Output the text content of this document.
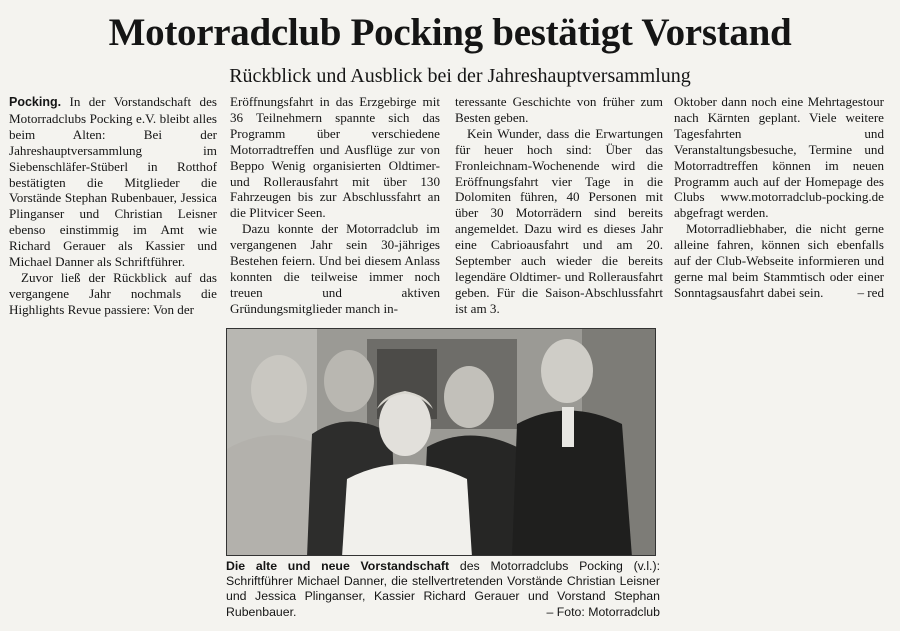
Motorradclub Pocking bestätigt Vorstand
Rückblick und Ausblick bei der Jahreshauptversammlung

Pocking. In der Vorstandschaft des Motorradclubs Pocking e.V. bleibt alles beim Alten: Bei der Jahreshauptversammlung im Siebenschläfer-Stüberl in Rotthof bestätigten die Mitglieder die Vorstände Stephan Rubenbauer, Jessica Plinganser und Christian Leisner ebenso einstimmig im Amt wie Richard Gerauer als Kassier und Michael Danner als Schriftführer.

Zuvor ließ der Rückblick auf das vergangene Jahr nochmals die Highlights Revue passiere: Von der

Eröffnungsfahrt in das Erzgebirge mit 36 Teilnehmern spannte sich das Programm über verschiedene Motorradtreffen und Ausflüge zur von Beppo Wenig organisierten Oldtimer- und Rollerausfahrt mit über 130 Fahrzeugen bis zur Abschlussfahrt an die Plitvicer Seen.

Dazu konnte der Motorradclub im vergangenen Jahr sein 30-jähriges Bestehen feiern. Und bei diesem Anlass konnten die teilweise immer noch treuen und aktiven Gründungsmitglieder manch in-

teressante Geschichte von früher zum Besten geben.

Kein Wunder, dass die Erwartungen für heuer hoch sind: Über das Fronleichnam-Wochenende wird die Eröffnungsfahrt vier Tage in die Dolomiten führen, 40 Personen mit über 30 Motorrädern sind bereits angemeldet. Dazu wird es dieses Jahr eine Cabrioausfahrt und am 20. September auch wieder die bereits legendäre Oldtimer- und Rollerausfahrt geben. Für die Saison-Abschlussfahrt ist am 3.

Oktober dann noch eine Mehrtagestour nach Kärnten geplant. Viele weitere Tagesfahrten und Veranstaltungsbesuche, Termine und Motorradtreffen können im neuen Programm auch auf der Homepage des Clubs www.motorradclub-pocking.de abgefragt werden.

Motorradliebhaber, die nicht gerne alleine fahren, können sich ebenfalls auf der Club-Webseite informieren und gerne mal beim Stammtisch oder einer Sonntagsausfahrt dabei sein.	– red

Die alte und neue Vorstandschaft des Motorradclubs Pocking (v.l.): Schriftführer Michael Danner, die stellvertretenden Vorstände Christian Leisner und Jessica Plinganser, Kassier Richard Gerauer und Vorstand Stephan Rubenbauer.	– Foto: Motorradclub
